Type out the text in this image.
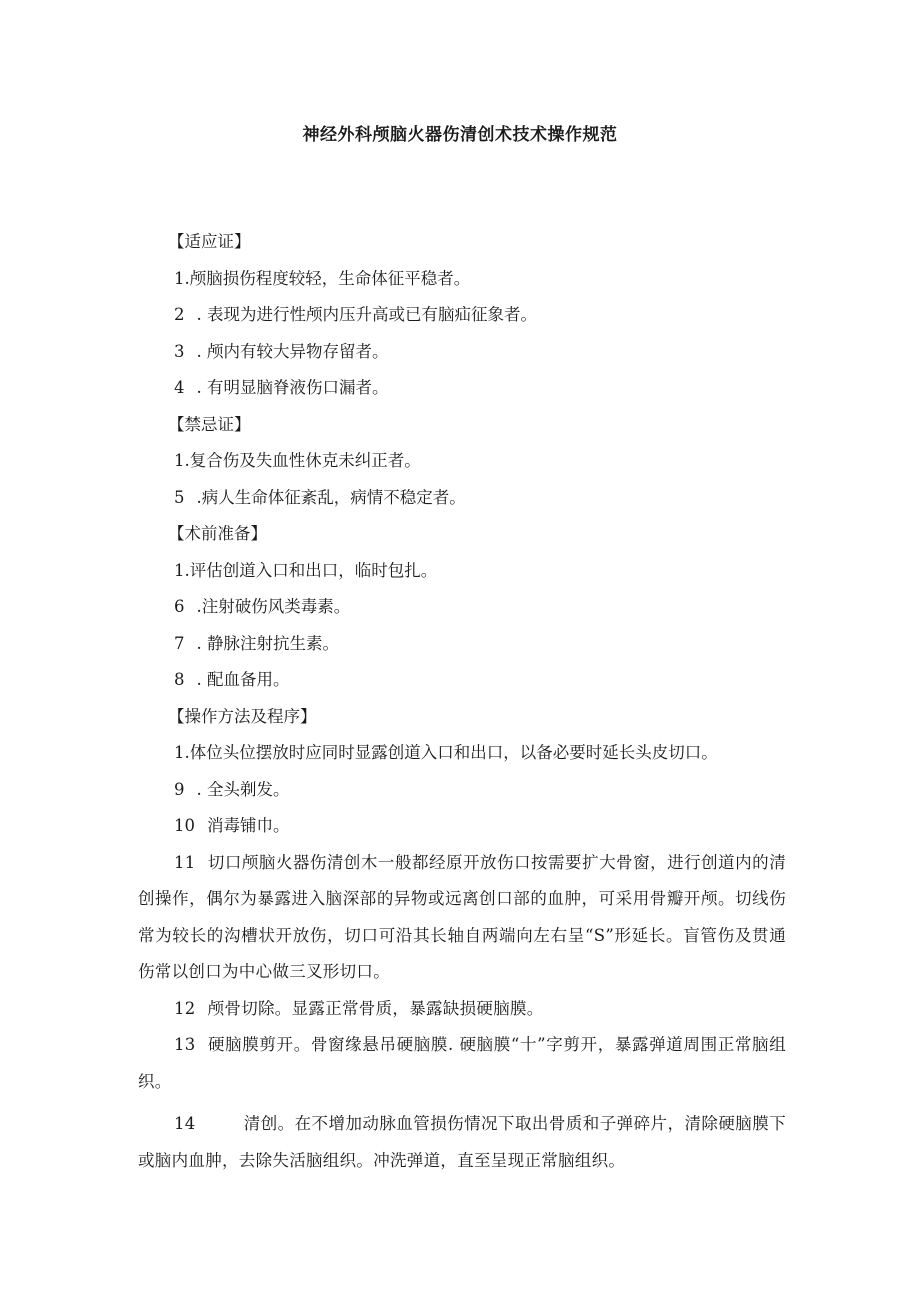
神经外科颅脑火器伤清创术技术操作规范

【适应证】

1.颅脑损伤程度较轻，生命体征平稳者。

2 . 表现为进行性颅内压升高或已有脑疝征象者。

3 . 颅内有较大异物存留者。

4 . 有明显脑脊液伤口漏者。

【禁忌证】

1.复合伤及失血性休克未纠正者。

5 .病人生命体征紊乱，病情不稳定者。

【术前准备】

1.评估创道入口和出口，临时包扎。

6 .注射破伤风类毒素。

7 . 静脉注射抗生素。

8 . 配血备用。

【操作方法及程序】

1.体位头位摆放时应同时显露创道入口和出口，以备必要时延长头皮切口。

9 . 全头剃发。

10 消毒铺巾。

11 切口颅脑火器伤清创木一般都经原开放伤口按需要扩大骨窗，进行创道内的清创操作，偶尔为暴露进入脑深部的异物或远离创口部的血肿，可采用骨瓣开颅。切线伤常为较长的沟槽状开放伤，切口可沿其长轴自两端向左右呈“S”形延长。盲管伤及贯通伤常以创口为中心做三叉形切口。

12 颅骨切除。显露正常骨质，暴露缺损硬脑膜。

13 硬脑膜剪开。骨窗缘悬吊硬脑膜. 硬脑膜“十”字剪开，暴露弹道周围正常脑组织。

14	清创。在不增加动脉血管损伤情况下取出骨质和子弹碎片，清除硬脑膜下或脑内血肿，去除失活脑组织。冲洗弹道，直至呈现正常脑组织。
